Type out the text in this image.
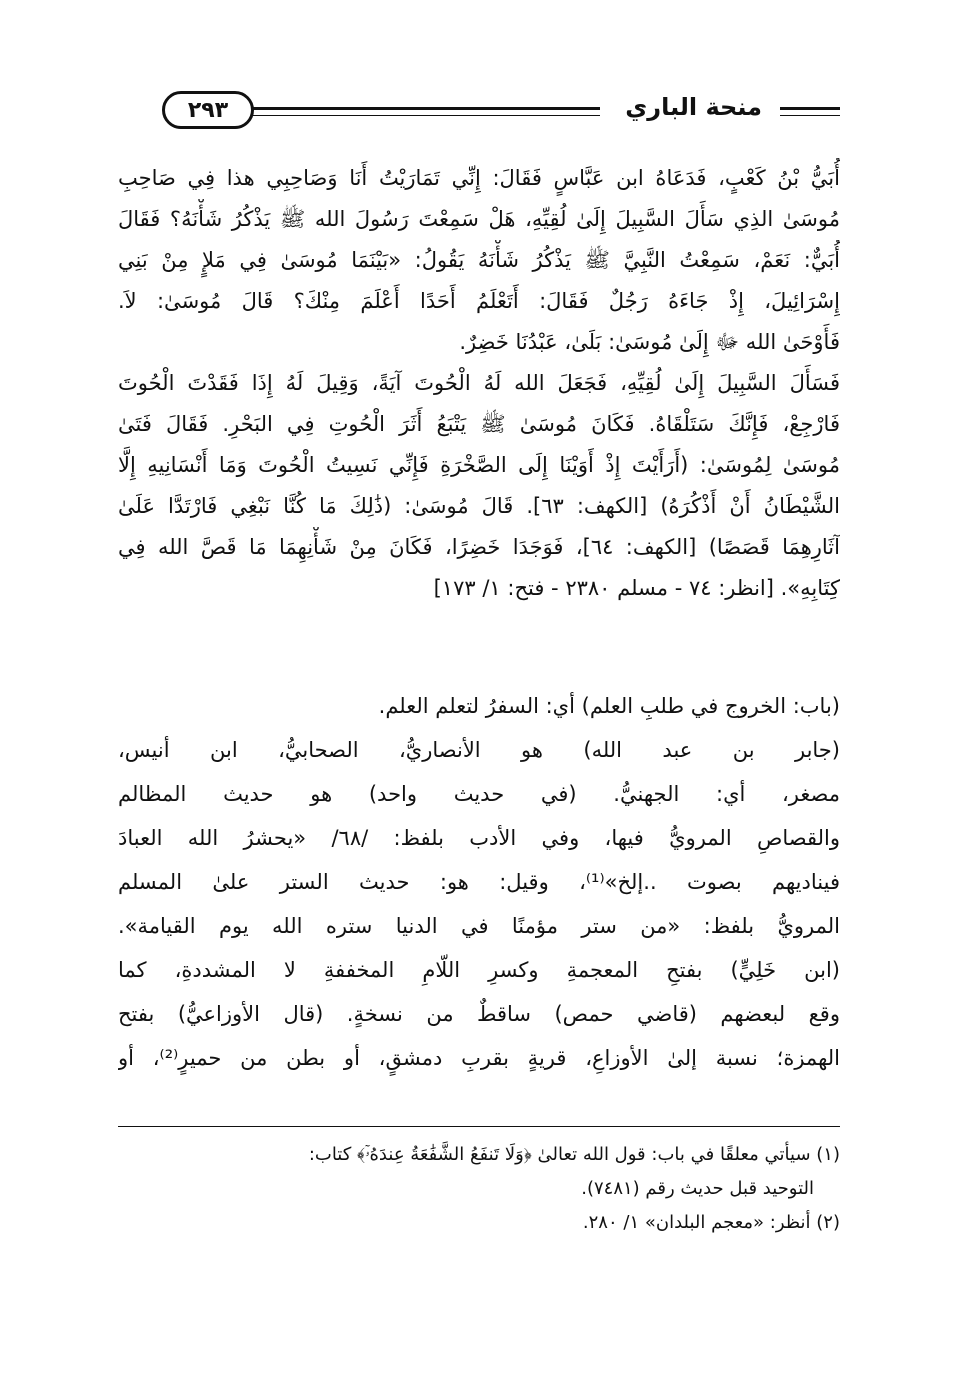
٢٩٣	منحة الباري
أُبَيُّ بْنُ كَعْبٍ، فَدَعَاهُ ابن عَبَّاسٍ فَقَالَ: إِنِّي تَمَارَيْتُ أَنَا وَصَاحِبِي هذا فِي صَاحِبِ
مُوسَىٰ الذِي سَأَلَ السَّبِيلَ إِلَىٰ لُقِيِّهِ، هَلْ سَمِعْتَ رَسُولَ الله ﷺ يَذْكُرُ شَأْنَهُ؟ فَقَالَ
أُبَيٌّ: نَعَمْ، سَمِعْتُ النَّبِيَّ ﷺ يَذْكُرُ شَأْنَهُ يَقُولُ: «بَيْنَمَا مُوسَىٰ فِي مَلإٍ مِنْ بَنِي
إِسْرَائِيلَ، إِذْ جَاءَهُ رَجُلٌ فَقَالَ: أَتَعْلَمُ أَحَدًا أَعْلَمَ مِنْكَ؟ قَالَ مُوسَىٰ: لاَ.
فَأَوْحَىٰ الله ﷻ إِلَىٰ مُوسَىٰ: بَلَىٰ، عَبْدُنَا خَضِرٌ.
فَسَأَلَ السَّبِيلَ إِلَىٰ لُقِيِّهِ، فَجَعَلَ الله لَهُ الْحُوتَ آيَةً، وَقِيلَ لَهُ إِذَا فَقَدْتَ الْحُوتَ
فَارْجِعْ، فَإِنَّكَ سَتَلْقَاهُ. فَكَانَ مُوسَىٰ ﷺ يَتْبَعُ أَثَرَ الْحُوتِ فِي البَحْرِ. فَقَالَ فَتَىٰ
مُوسَىٰ لِمُوسَىٰ: (أَرَأَيْتَ إِذْ أَوَيْنَا إِلَى الصَّخْرَةِ فَإِنِّي نَسِيتُ الْحُوتَ وَمَا أَنْسَانِيهِ إِلَّا
الشَّيْطَانُ أَنْ أَذْكُرَهُ) [الكهف: ٦٣]. قَالَ مُوسَىٰ: (ذَٰلِكَ مَا كُنَّا نَبْغِي فَارْتَدَّا عَلَىٰ
آثَارِهِمَا قَصَصًا) [الكهف: ٦٤]، فَوَجَدَا خَضِرًا، فَكَانَ مِنْ شَأْنِهِمَا مَا قَصَّ الله فِي
كِتَابِهِ». [انظر: ٧٤ - مسلم ٢٣٨٠ - فتح: ١/ ١٧٣]
(باب: الخروج في طلبِ العلم) أي: السفرُ لتعلم العلم.
(جابر بن عبد الله) هو الأنصاريُّ، الصحابيُّ، ابن أنيس،
مصغر، أي: الجهنيُّ. (في حديث واحد) هو حديث المظالم
والقصاصِ المرويُّ فيها، وفي الأدب بلفظ: /٦٨/ «يحشرُ الله العبادَ
فيناديهم بصوت ..إلخ»⁽¹⁾، وقيل: هو: حديث الستر علىٰ المسلم
المرويُّ بلفظ: «من ستر مؤمنًا في الدنيا ستره الله يوم القيامة».
(ابن خَلِيٍّ) بفتحِ المعجمةِ وكسرِ اللّامِ المخففةِ لا المشددةِ، كما
وقع لبعضهم (قاضي حمص) ساقطٌ من نسخةٍ. (قال الأوزاعيُّ) بفتح
الهمزة؛ نسبة إلىٰ الأوزاعِ، قريةٍ بقربِ دمشقٍ، أو بطن من حميرٍ⁽²⁾، أو
(١) سيأتي معلقًا في باب: قول الله تعالىٰ ﴿وَلَا تَنفَعُ الشَّفَٰعَةُ عِندَهُۥٓ﴾ كتاب:
التوحيد قبل حديث رقم (٧٤٨١).
(٢) أنظر: «معجم البلدان» ١/ ٢٨٠.
